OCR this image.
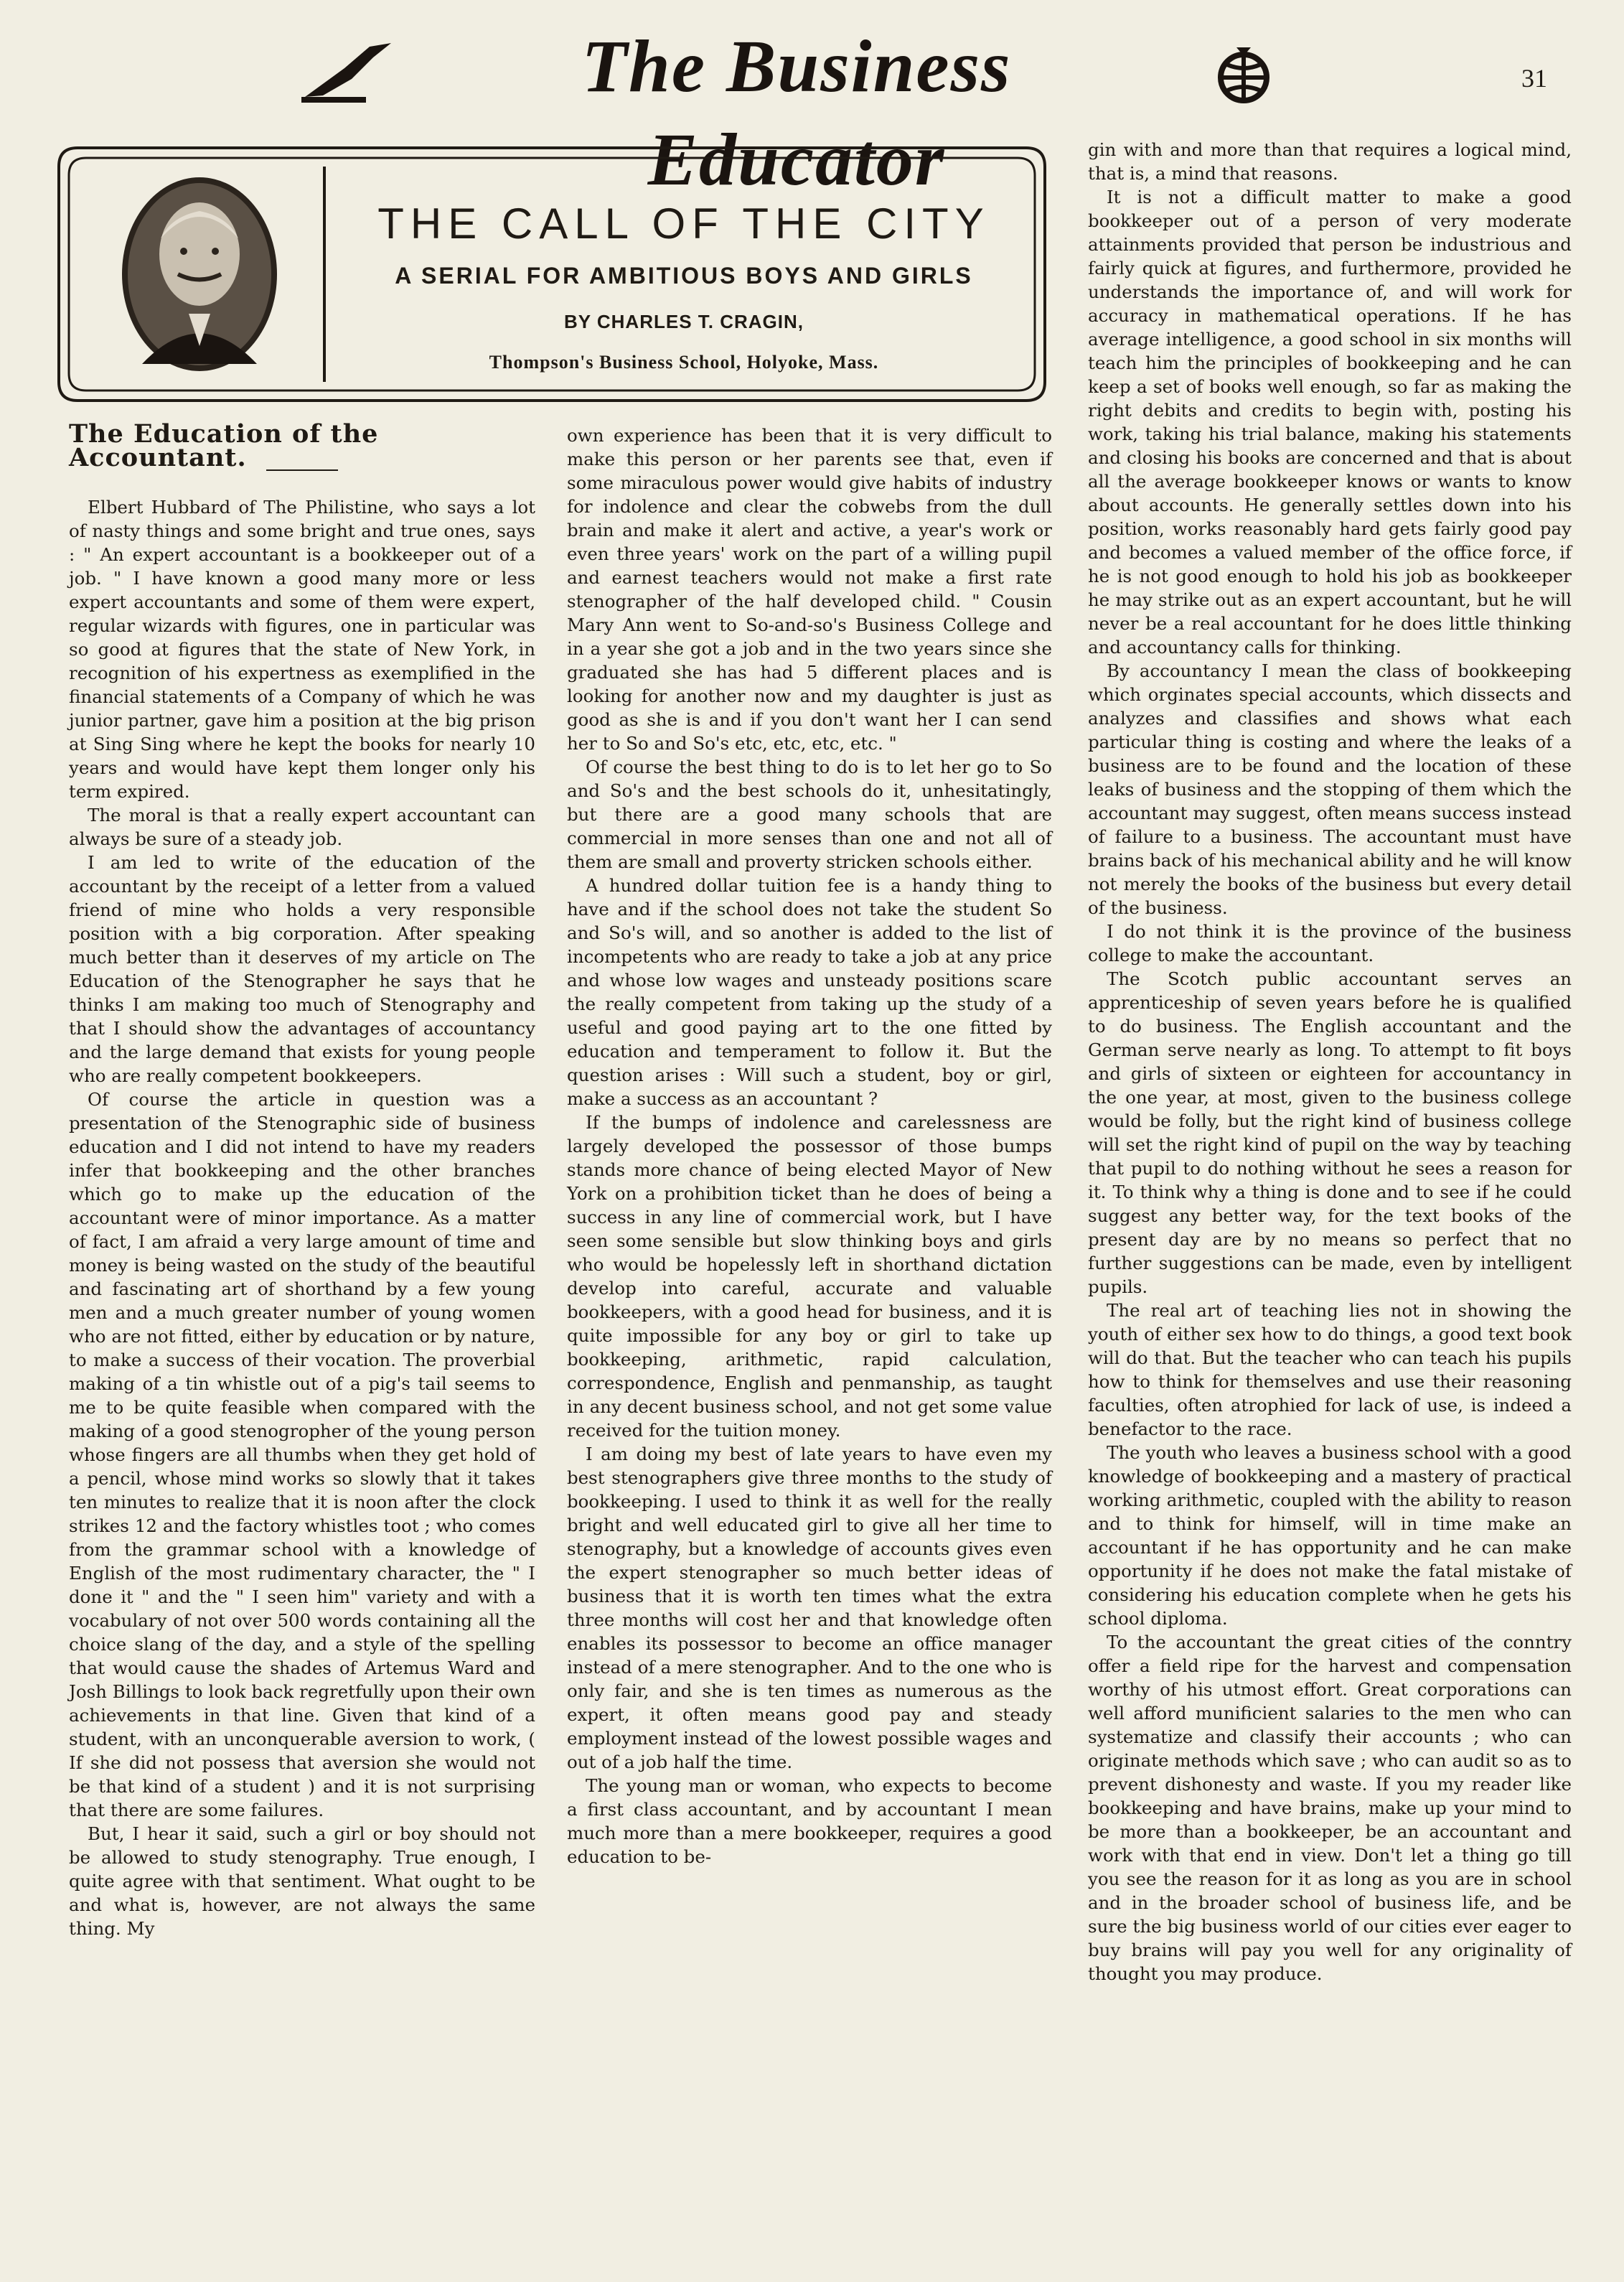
The Business Educator
31
THE CALL OF THE CITY
A SERIAL FOR AMBITIOUS BOYS AND GIRLS
BY CHARLES T. CRAGIN,
Thompson's Business School, Holyoke, Mass.

The Education of the Accountant.

Elbert Hubbard of The Philistine, who says a lot of nasty things and some bright and true ones, says : " An expert accountant is a bookkeeper out of a job. " I have known a good many more or less expert accountants and some of them were expert, regular wizards with figures, one in particular was so good at figures that the state of New York, in recognition of his expertness as exemplified in the financial statements of a Company of which he was junior partner, gave him a position at the big prison at Sing Sing where he kept the books for nearly 10 years and would have kept them longer only his term expired.

The moral is that a really expert accountant can always be sure of a steady job.

I am led to write of the education of the accountant by the receipt of a letter from a valued friend of mine who holds a very responsible position with a big corporation. After speaking much better than it deserves of my article on The Education of the Stenographer he says that he thinks I am making too much of Stenography and that I should show the advantages of accountancy and the large demand that exists for young people who are really competent bookkeepers.

Of course the article in question was a presentation of the Stenographic side of business education and I did not intend to have my readers infer that bookkeeping and the other branches which go to make up the education of the accountant were of minor importance. As a matter of fact, I am afraid a very large amount of time and money is being wasted on the study of the beautiful and fascinating art of shorthand by a few young men and a much greater number of young women who are not fitted, either by education or by nature, to make a success of their vocation. The proverbial making of a tin whistle out of a pig's tail seems to me to be quite feasible when compared with the making of a good stenogropher of the young person whose fingers are all thumbs when they get hold of a pencil, whose mind works so slowly that it takes ten minutes to realize that it is noon after the clock strikes 12 and the factory whistles toot ; who comes from the grammar school with a knowledge of English of the most rudimentary character, the " I done it " and the " I seen him" variety and with a vocabulary of not over 500 words containing all the choice slang of the day, and a style of the spelling that would cause the shades of Artemus Ward and Josh Billings to look back regretfully upon their own achievements in that line. Given that kind of a student, with an unconquerable aversion to work, ( If she did not possess that aversion she would not be that kind of a student ) and it is not surprising that there are some failures.

But, I hear it said, such a girl or boy should not be allowed to study stenography. True enough, I quite agree with that sentiment. What ought to be and what is, however, are not always the same thing. My

own experience has been that it is very difficult to make this person or her parents see that, even if some miraculous power would give habits of industry for indolence and clear the cobwebs from the dull brain and make it alert and active, a year's work or even three years' work on the part of a willing pupil and earnest teachers would not make a first rate stenographer of the half developed child. " Cousin Mary Ann went to So-and-so's Business College and in a year she got a job and in the two years since she graduated she has had 5 different places and is looking for another now and my daughter is just as good as she is and if you don't want her I can send her to So and So's etc, etc, etc, etc. "

Of course the best thing to do is to let her go to So and So's and the best schools do it, unhesitatingly, but there are a good many schools that are commercial in more senses than one and not all of them are small and proverty stricken schools either.

A hundred dollar tuition fee is a handy thing to have and if the school does not take the student So and So's will, and so another is added to the list of incompetents who are ready to take a job at any price and whose low wages and unsteady positions scare the really competent from taking up the study of a useful and good paying art to the one fitted by education and temperament to follow it. But the question arises : Will such a student, boy or girl, make a success as an accountant ?

If the bumps of indolence and carelessness are largely developed the possessor of those bumps stands more chance of being elected Mayor of New York on a prohibition ticket than he does of being a success in any line of commercial work, but I have seen some sensible but slow thinking boys and girls who would be hopelessly left in shorthand dictation develop into careful, accurate and valuable bookkeepers, with a good head for business, and it is quite impossible for any boy or girl to take up bookkeeping, arithmetic, rapid calculation, correspondence, English and penmanship, as taught in any decent business school, and not get some value received for the tuition money.

I am doing my best of late years to have even my best stenographers give three months to the study of bookkeeping. I used to think it as well for the really bright and well educated girl to give all her time to stenography, but a knowledge of accounts gives even the expert stenographer so much better ideas of business that it is worth ten times what the extra three months will cost her and that knowledge often enables its possessor to become an office manager instead of a mere stenographer. And to the one who is only fair, and she is ten times as numerous as the expert, it often means good pay and steady employment instead of the lowest possible wages and out of a job half the time.

The young man or woman, who expects to become a first class accountant, and by accountant I mean much more than a mere bookkeeper, requires a good education to be-

gin with and more than that requires a logical mind, that is, a mind that reasons.

It is not a difficult matter to make a good bookkeeper out of a person of very moderate attainments provided that person be industrious and fairly quick at figures, and furthermore, provided he understands the importance of, and will work for accuracy in mathematical operations. If he has average intelligence, a good school in six months will teach him the principles of bookkeeping and he can keep a set of books well enough, so far as making the right debits and credits to begin with, posting his work, taking his trial balance, making his statements and closing his books are concerned and that is about all the average bookkeeper knows or wants to know about accounts. He generally settles down into his position, works reasonably hard gets fairly good pay and becomes a valued member of the office force, if he is not good enough to hold his job as bookkeeper he may strike out as an expert accountant, but he will never be a real accountant for he does little thinking and accountancy calls for thinking.

By accountancy I mean the class of bookkeeping which orginates special accounts, which dissects and analyzes and classifies and shows what each particular thing is costing and where the leaks of a business are to be found and the location of these leaks of business and the stopping of them which the accountant may suggest, often means success instead of failure to a business. The accountant must have brains back of his mechanical ability and he will know not merely the books of the business but every detail of the business.

I do not think it is the province of the business college to make the accountant.

The Scotch public accountant serves an apprenticeship of seven years before he is qualified to do business. The English accountant and the German serve nearly as long. To attempt to fit boys and girls of sixteen or eighteen for accountancy in the one year, at most, given to the business college would be folly, but the right kind of business college will set the right kind of pupil on the way by teaching that pupil to do nothing without he sees a reason for it. To think why a thing is done and to see if he could suggest any better way, for the text books of the present day are by no means so perfect that no further suggestions can be made, even by intelligent pupils.

The real art of teaching lies not in showing the youth of either sex how to do things, a good text book will do that. But the teacher who can teach his pupils how to think for themselves and use their reasoning faculties, often atrophied for lack of use, is indeed a benefactor to the race.

The youth who leaves a business school with a good knowledge of bookkeeping and a mastery of practical working arithmetic, coupled with the ability to reason and to think for himself, will in time make an accountant if he has opportunity and he can make opportunity if he does not make the fatal mistake of considering his education complete when he gets his school diploma.

To the accountant the great cities of the conntry offer a field ripe for the harvest and compensation worthy of his utmost effort. Great corporations can well afford munificient salaries to the men who can systematize and classify their accounts ; who can originate methods which save ; who can audit so as to prevent dishonesty and waste. If you my reader like bookkeeping and have brains, make up your mind to be more than a bookkeeper, be an accountant and work with that end in view. Don't let a thing go till you see the reason for it as long as you are in school and in the broader school of business life, and be sure the big business world of our cities ever eager to buy brains will pay you well for any originality of thought you may produce.
